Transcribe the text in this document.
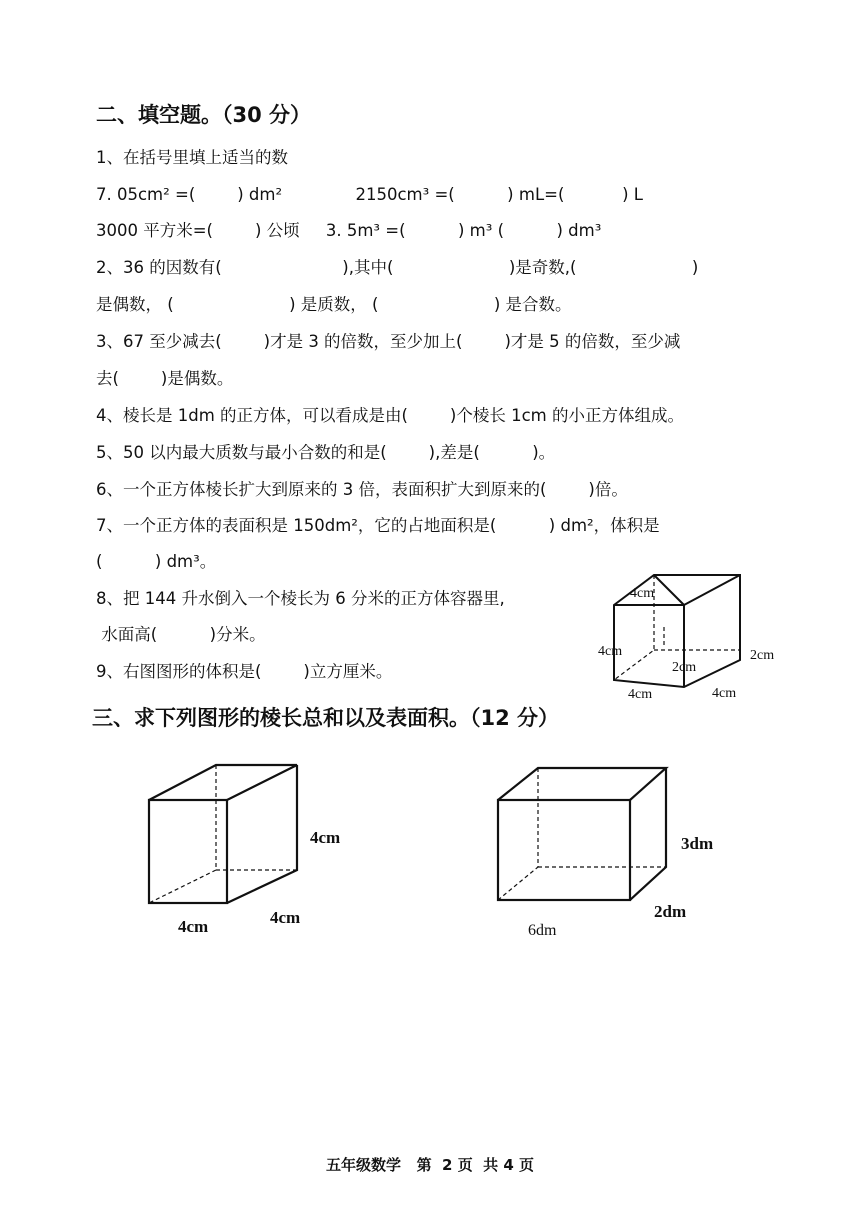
二、填空题。（30 分）
1、在括号里填上适当的数
7. 05cm² =(        ) dm²              2150cm³ =(          ) mL=(           ) L
3000 平方米=(        ) 公顷     3. 5m³ =(          ) m³ (          ) dm³
2、36 的因数有(                       ),其中(                      )是奇数,(                      )
是偶数， (                      ) 是质数， (                      ) 是合数。
3、67 至少减去(        )才是 3 的倍数，至少加上(        )才是 5 的倍数，至少减
去(        )是偶数。
4、棱长是 1dm 的正方体，可以看成是由(        )个棱长 1cm 的小正方体组成。
5、50 以内最大质数与最小合数的和是(        ),差是(          )。
6、一个正方体棱长扩大到原来的 3 倍，表面积扩大到原来的(        )倍。
7、一个正方体的表面积是 150dm²，它的占地面积是(          ) dm²，体积是
(          ) dm³。
8、把 144 升水倒入一个棱长为 6 分米的正方体容器里,
水面高(          )分米。
9、右图图形的体积是(        )立方厘米。
4cm
4cm	2cm
2cm
4cm	4cm
三、求下列图形的棱长总和以及表面积。（12 分）
4cm
4cm	4cm
3dm
2dm
6dm
五年级数学   第  2 页  共 4 页
